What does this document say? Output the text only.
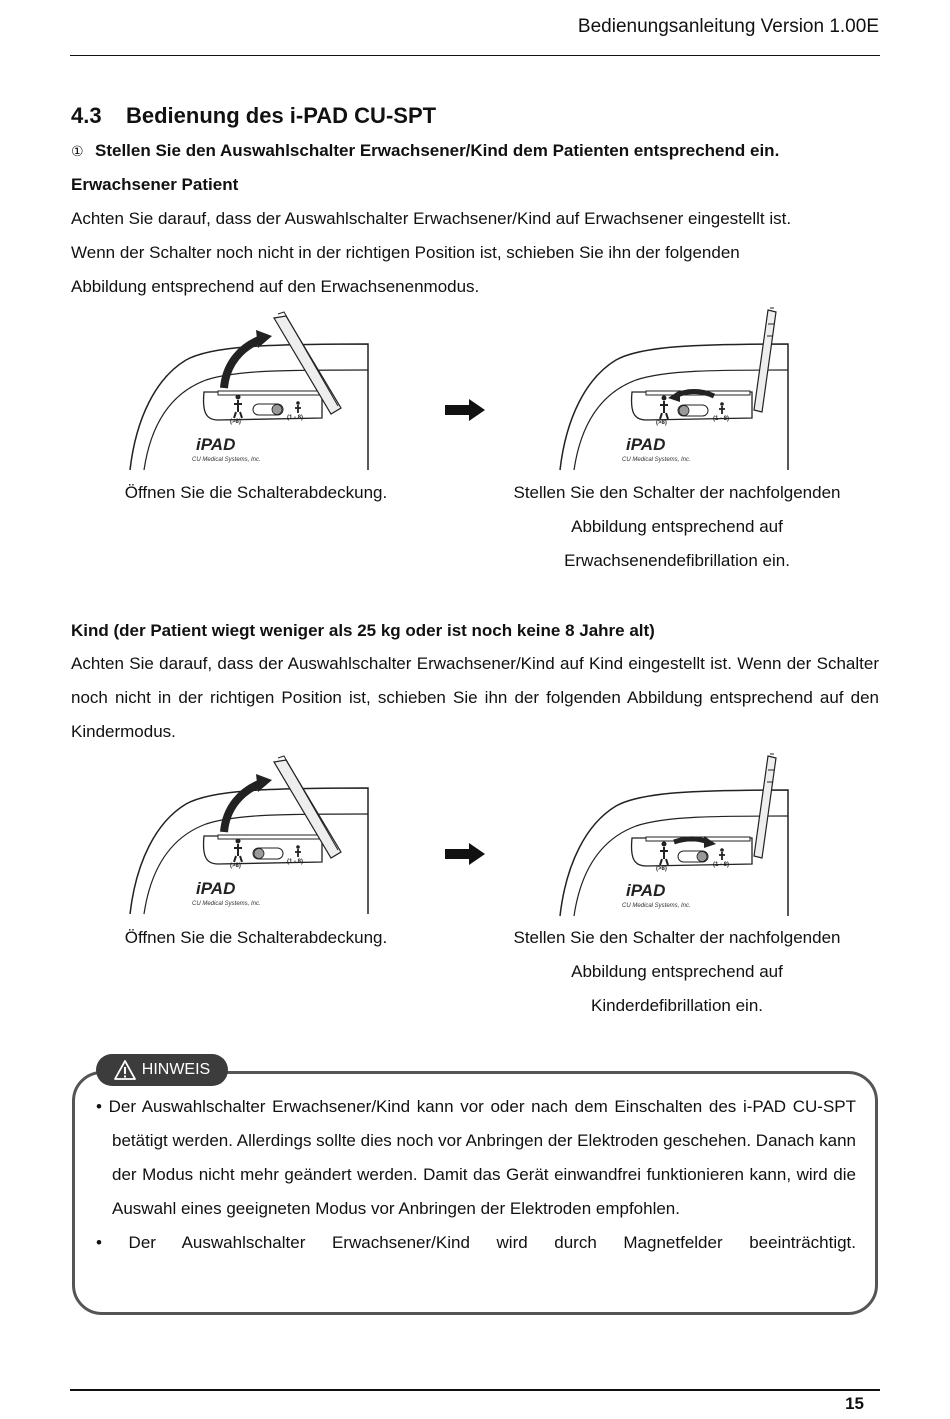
Bedienungsanleitung Version 1.00E
4.3 Bedienung des i-PAD CU-SPT
① Stellen Sie den Auswahlschalter Erwachsener/Kind dem Patienten entsprechend ein.
Erwachsener Patient
Achten Sie darauf, dass der Auswahlschalter Erwachsener/Kind auf Erwachsener eingestellt ist.
Wenn der Schalter noch nicht in der richtigen Position ist, schieben Sie ihn der folgenden
Abbildung entsprechend auf den Erwachsenenmodus.
(>8)
(1 - 8)
iPAD
CU Medical Systems, Inc.
(>8)
(1 - 8)
iPAD
CU Medical Systems, Inc.
Öffnen Sie die Schalterabdeckung.	Stellen Sie den Schalter der nachfolgenden
Abbildung entsprechend auf
Erwachsenendefibrillation ein.
Kind (der Patient wiegt weniger als 25 kg oder ist noch keine 8 Jahre alt)
Achten Sie darauf, dass der Auswahlschalter Erwachsener/Kind auf Kind eingestellt ist. Wenn der Schalter noch nicht in der richtigen Position ist, schieben Sie ihn der folgenden Abbildung entsprechend auf den Kindermodus.
(>8)
(1 - 8)
iPAD
CU Medical Systems, Inc.
(>8)
(1 - 8)
iPAD
CU Medical Systems, Inc.
Öffnen Sie die Schalterabdeckung.	Stellen Sie den Schalter der nachfolgenden
Abbildung entsprechend auf
Kinderdefibrillation ein.
HINWEIS
• Der Auswahlschalter Erwachsener/Kind kann vor oder nach dem Einschalten des i-PAD CU-SPT betätigt werden. Allerdings sollte dies noch vor Anbringen der Elektroden geschehen. Danach kann der Modus nicht mehr geändert werden. Damit das Gerät einwandfrei funktionieren kann, wird die Auswahl eines geeigneten Modus vor Anbringen der Elektroden empfohlen.
• Der Auswahlschalter Erwachsener/Kind wird durch Magnetfelder beeinträchtigt.
15
